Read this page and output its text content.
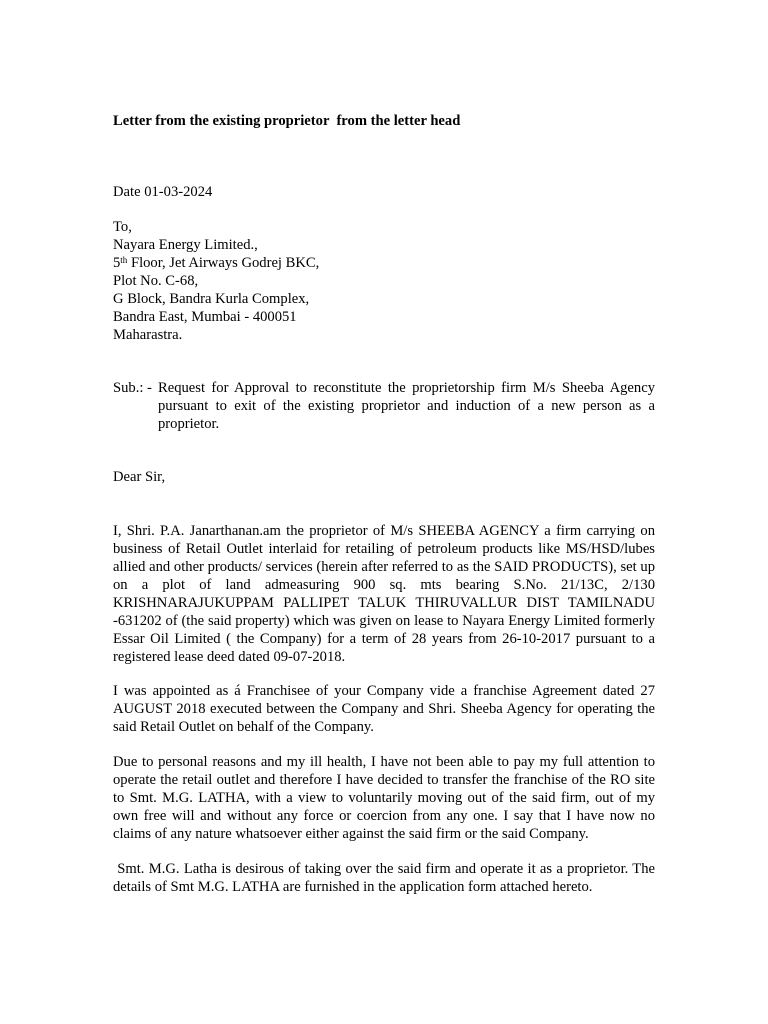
Letter from the existing proprietor  from the letter head
Date 01-03-2024
To,
Nayara Energy Limited.,
5th Floor, Jet Airways Godrej BKC,
Plot No. C-68,
G Block, Bandra Kurla Complex,
Bandra East, Mumbai - 400051
Maharastra.
Sub.: - Request for Approval to reconstitute the proprietorship firm M/s Sheeba Agency pursuant to exit of the existing proprietor and induction of a new person as a proprietor.
Dear Sir,
I, Shri. P.A. Janarthanan.am the proprietor of M/s SHEEBA AGENCY a firm carrying on business of Retail Outlet interlaid for retailing of petroleum products like MS/HSD/lubes allied and other products/ services (herein after referred to as the SAID PRODUCTS), set up on a plot of land admeasuring 900 sq. mts bearing S.No. 21/13C, 2/130 KRISHNARAJUKUPPAM PALLIPET TALUK THIRUVALLUR DIST TAMILNADU -631202 of (the said property) which was given on lease to Nayara Energy Limited formerly Essar Oil Limited ( the Company) for a term of 28 years from 26-10-2017 pursuant to a registered lease deed dated 09-07-2018.
I was appointed as á Franchisee of your Company vide a franchise Agreement dated 27 AUGUST 2018 executed between the Company and Shri. Sheeba Agency for operating the said Retail Outlet on behalf of the Company.
Due to personal reasons and my ill health, I have not been able to pay my full attention to operate the retail outlet and therefore I have decided to transfer the franchise of the RO site to Smt. M.G. LATHA, with a view to voluntarily moving out of the said firm, out of my own free will and without any force or coercion from any one. I say that I have now no claims of any nature whatsoever either against the said firm or the said Company.
Smt. M.G. Latha is desirous of taking over the said firm and operate it as a proprietor. The details of Smt M.G. LATHA are furnished in the application form attached hereto.
